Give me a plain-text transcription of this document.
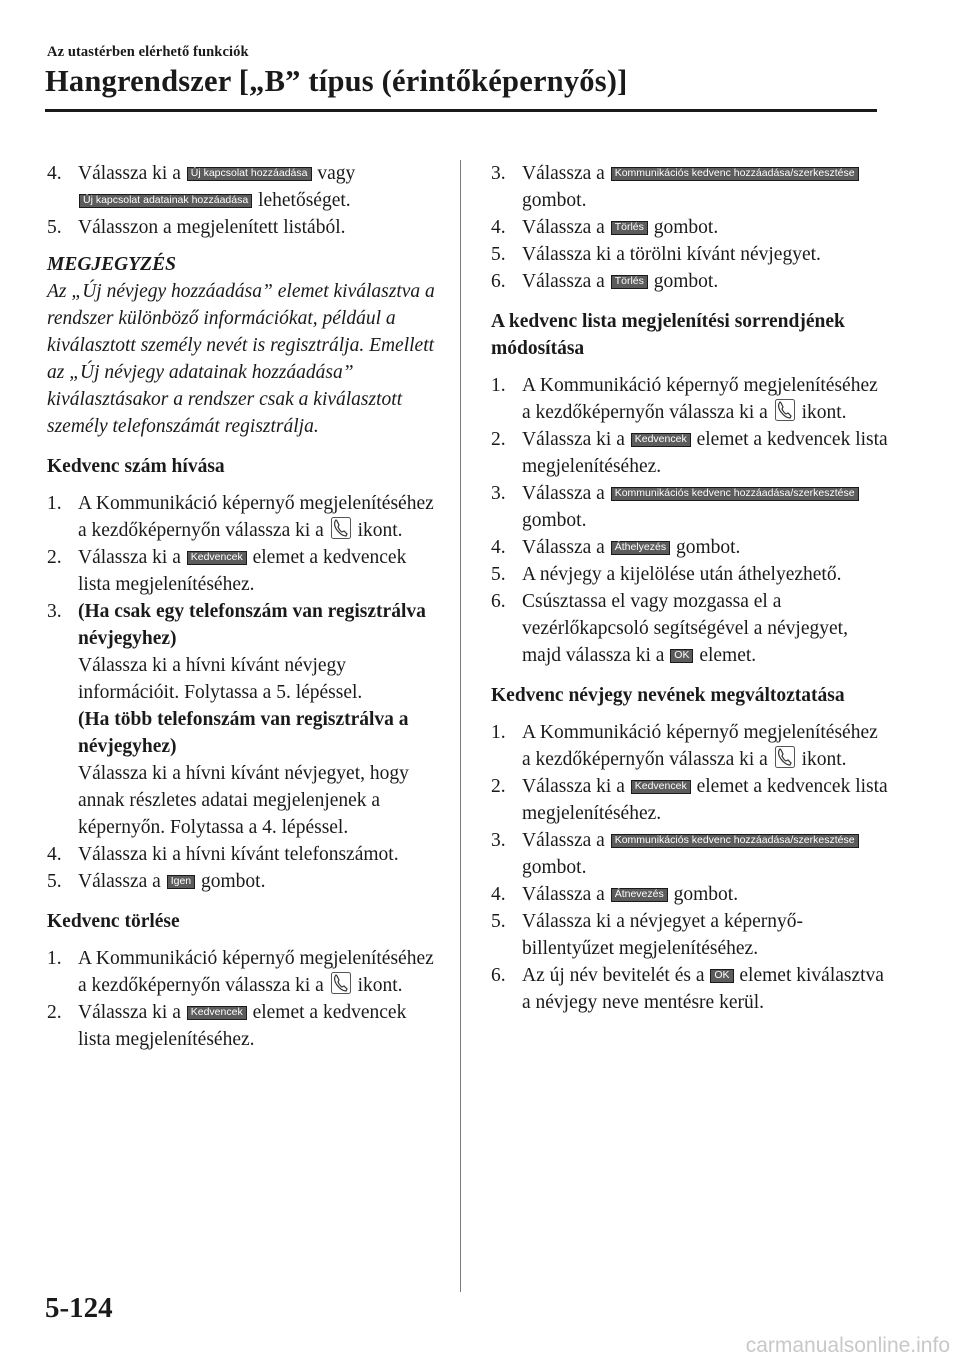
Az utastérben elérhető funkciók
Hangrendszer [„B” típus (érintőképernyős)]

4. Válassza ki a Új kapcsolat hozzáadása vagy
Új kapcsolat adatainak hozzáadása lehetőséget.

5. Válasszon a megjelenített listából.

MEGJEGYZÉS

Az „Új névjegy hozzáadása” elemet kiválasztva a rendszer különböző információkat, például a kiválasztott személy nevét is regisztrálja. Emellett az „Új névjegy adatainak hozzáadása” kiválasztásakor a rendszer csak a kiválasztott személy telefonszámát regisztrálja.

Kedvenc szám hívása

1. A Kommunikáció képernyő megjelenítéséhez a kezdőképernyőn válassza ki a ikont.

2. Válassza ki a Kedvencek elemet a kedvencek lista megjelenítéséhez.

3. (Ha csak egy telefonszám van regisztrálva névjegyhez)
Válassza ki a hívni kívánt névjegy információit. Folytassa a 5. lépéssel.
(Ha több telefonszám van regisztrálva a névjegyhez)
Válassza ki a hívni kívánt névjegyet, hogy annak részletes adatai megjelenjenek a képernyőn. Folytassa a 4. lépéssel.

4. Válassza ki a hívni kívánt telefonszámot.

5. Válassza a Igen gombot.

Kedvenc törlése

1. A Kommunikáció képernyő megjelenítéséhez a kezdőképernyőn válassza ki a ikont.

2. Válassza ki a Kedvencek elemet a kedvencek lista megjelenítéséhez.

3. Válassza a Kommunikációs kedvenc hozzáadása/szerkesztése
gombot.

4. Válassza a Törlés gombot.

5. Válassza ki a törölni kívánt névjegyet.

6. Válassza a Törlés gombot.

A kedvenc lista megjelenítési sorrendjének módosítása

1. A Kommunikáció képernyő megjelenítéséhez a kezdőképernyőn válassza ki a ikont.

2. Válassza ki a Kedvencek elemet a kedvencek lista megjelenítéséhez.

3. Válassza a Kommunikációs kedvenc hozzáadása/szerkesztése
gombot.

4. Válassza a Áthelyezés gombot.

5. A névjegy a kijelölése után áthelyezhető.

6. Csúsztassa el vagy mozgassa el a vezérlőkapcsoló segítségével a névjegyet, majd válassza ki a OK elemet.

Kedvenc névjegy nevének megváltoztatása

1. A Kommunikáció képernyő megjelenítéséhez a kezdőképernyőn válassza ki a ikont.

2. Válassza ki a Kedvencek elemet a kedvencek lista megjelenítéséhez.

3. Válassza a Kommunikációs kedvenc hozzáadása/szerkesztése
gombot.

4. Válassza a Átnevezés gombot.

5. Válassza ki a névjegyet a képernyő-billentyűzet megjelenítéséhez.

6. Az új név bevitelét és a OK elemet kiválasztva a névjegy neve mentésre kerül.

5-124
carmanualsonline.info
